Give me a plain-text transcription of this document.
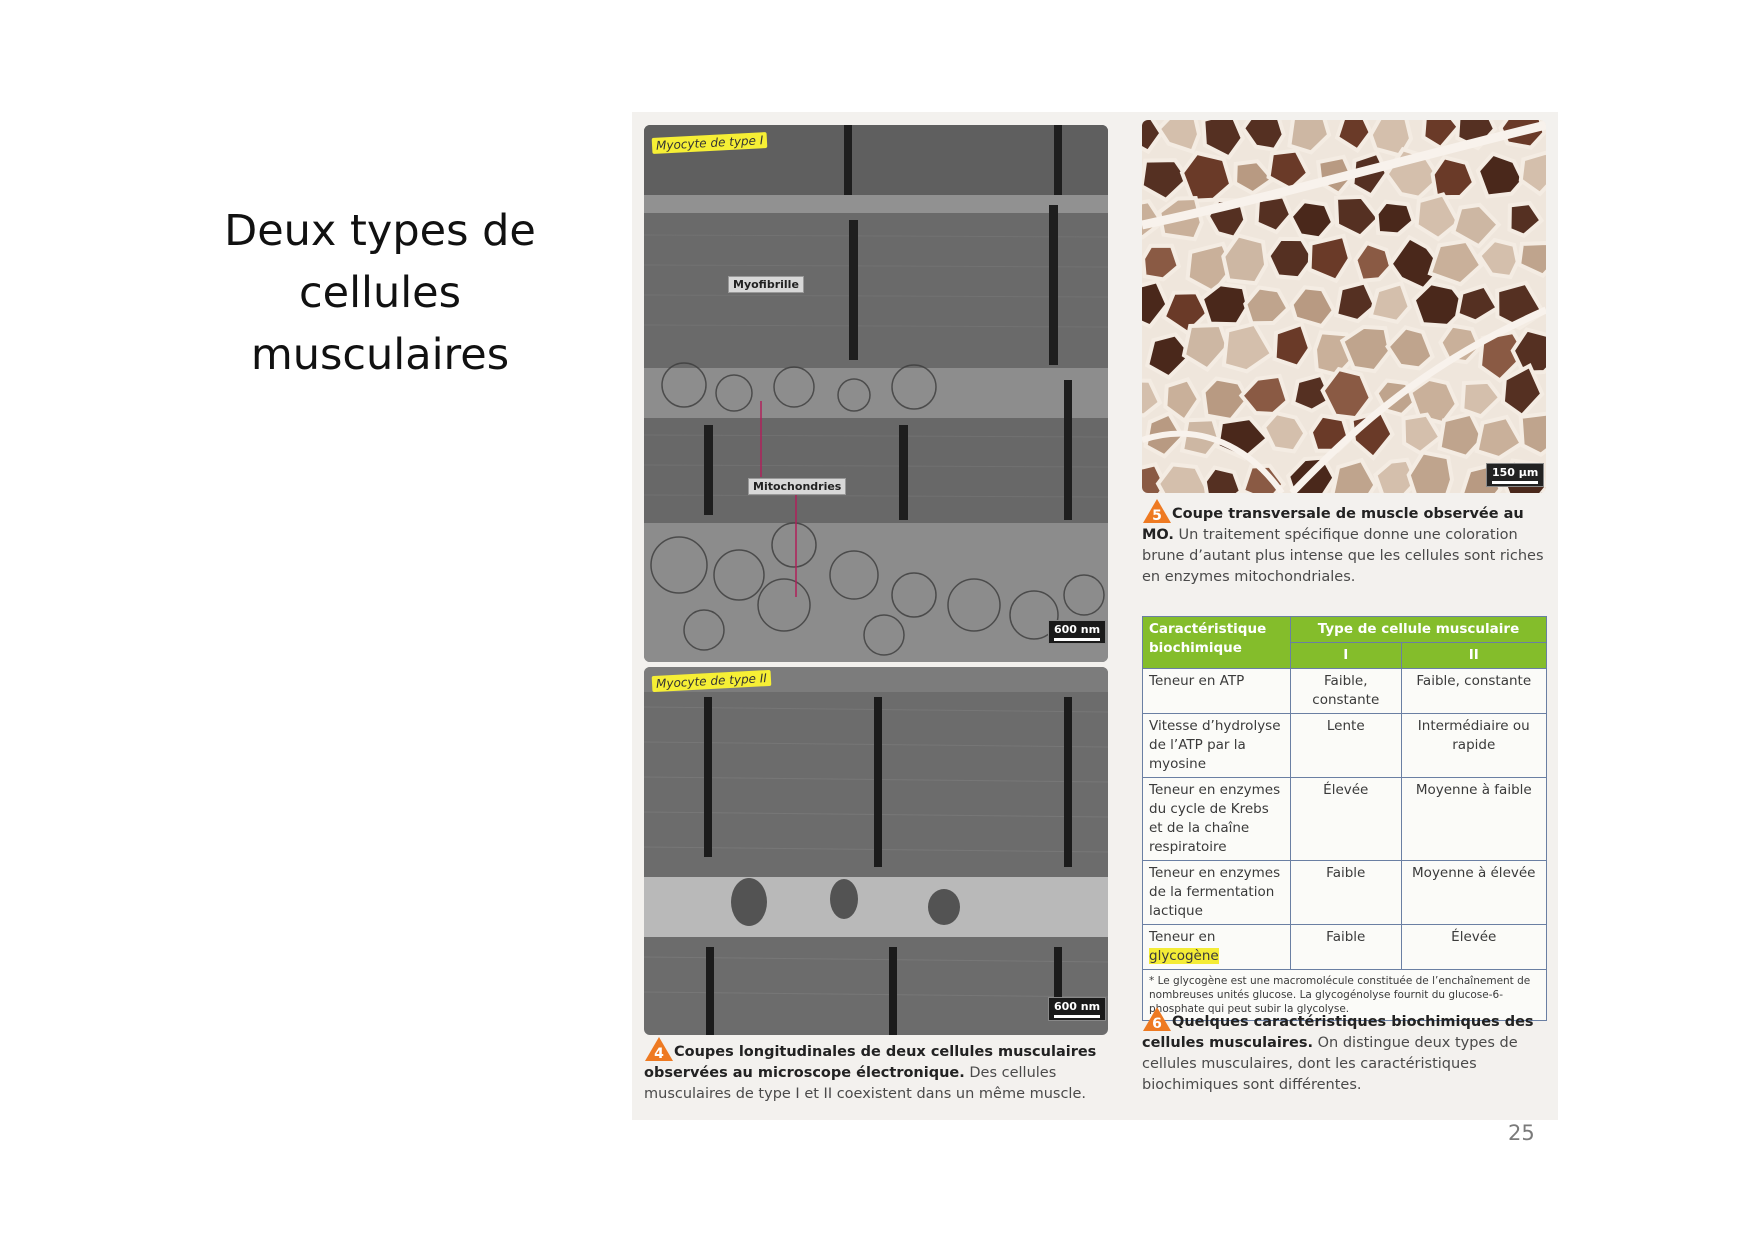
Deux types de
cellules
musculaires
Myocyte de type I
Myofibrille
Mitochondries
600 nm
Myocyte de type II
600 nm
4 Coupes longitudinales de deux cellules musculaires observées au microscope électronique. Des cellules musculaires de type I et II coexistent dans un même muscle.
150 µm
5 Coupe transversale de muscle observée au MO. Un traitement spécifique donne une coloration brune d’autant plus intense que les cellules sont riches en enzymes mitochondriales.
Caractéristique biochimique	Type de cellule musculaire	
	I	II
Teneur en ATP	Faible, constante	Faible, constante
Vitesse d’hydrolyse de l’ATP par la myosine	Lente	Intermédiaire ou rapide
Teneur en enzymes du cycle de Krebs et de la chaîne respiratoire	Élevée	Moyenne à faible
Teneur en enzymes de la fermentation lactique	Faible	Moyenne à élevée
Teneur en glycogène	Faible	Élevée
* Le glycogène est une macromolécule constituée de l’enchaînement de nombreuses unités glucose. La glycogénolyse fournit du glucose-6-phosphate qui peut subir la glycolyse.		
6 Quelques caractéristiques biochimiques des cellules musculaires. On distingue deux types de cellules musculaires, dont les caractéristiques biochimiques sont différentes.
25
